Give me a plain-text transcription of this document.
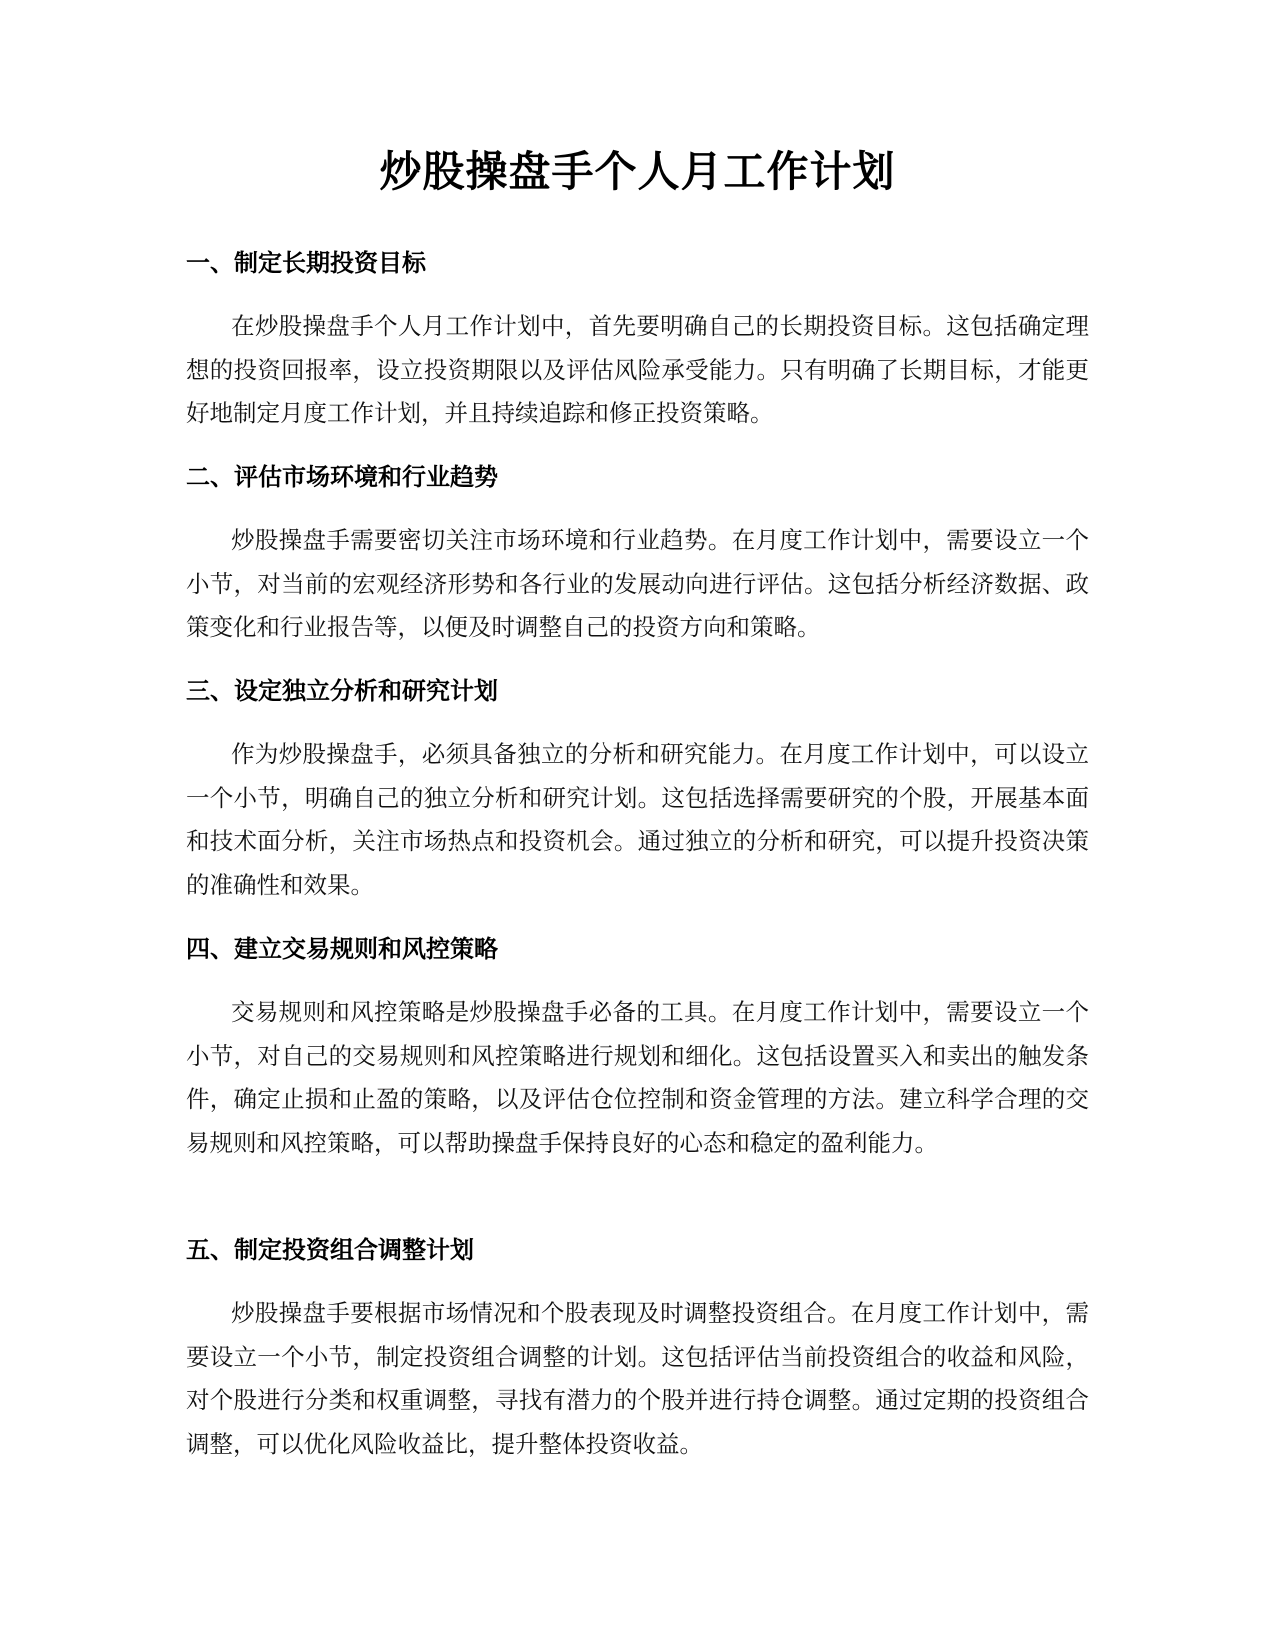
炒股操盘手个人月工作计划
一、制定长期投资目标

在炒股操盘手个人月工作计划中，首先要明确自己的长期投资目标。这包括确定理想的投资回报率，设立投资期限以及评估风险承受能力。只有明确了长期目标，才能更好地制定月度工作计划，并且持续追踪和修正投资策略。

二、评估市场环境和行业趋势

炒股操盘手需要密切关注市场环境和行业趋势。在月度工作计划中，需要设立一个小节，对当前的宏观经济形势和各行业的发展动向进行评估。这包括分析经济数据、政策变化和行业报告等，以便及时调整自己的投资方向和策略。

三、设定独立分析和研究计划

作为炒股操盘手，必须具备独立的分析和研究能力。在月度工作计划中，可以设立一个小节，明确自己的独立分析和研究计划。这包括选择需要研究的个股，开展基本面和技术面分析，关注市场热点和投资机会。通过独立的分析和研究，可以提升投资决策的准确性和效果。

四、建立交易规则和风控策略

交易规则和风控策略是炒股操盘手必备的工具。在月度工作计划中，需要设立一个小节，对自己的交易规则和风控策略进行规划和细化。这包括设置买入和卖出的触发条件，确定止损和止盈的策略，以及评估仓位控制和资金管理的方法。建立科学合理的交易规则和风控策略，可以帮助操盘手保持良好的心态和稳定的盈利能力。

五、制定投资组合调整计划

炒股操盘手要根据市场情况和个股表现及时调整投资组合。在月度工作计划中，需要设立一个小节，制定投资组合调整的计划。这包括评估当前投资组合的收益和风险，对个股进行分类和权重调整，寻找有潜力的个股并进行持仓调整。通过定期的投资组合调整，可以优化风险收益比，提升整体投资收益。
